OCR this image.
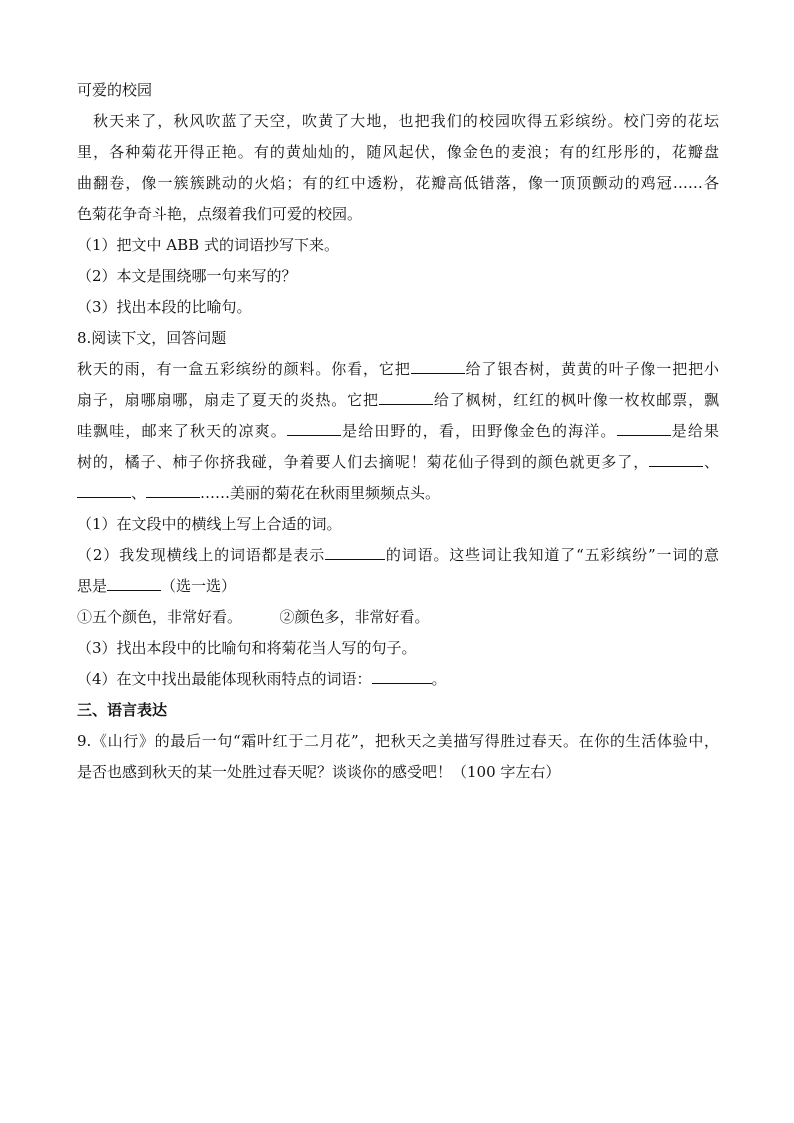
可爱的校园
秋天来了，秋风吹蓝了天空，吹黄了大地，也把我们的校园吹得五彩缤纷。校门旁的花坛
里，各种菊花开得正艳。有的黄灿灿的，随风起伏，像金色的麦浪；有的红彤彤的，花瓣盘
曲翻卷，像一簇簇跳动的火焰；有的红中透粉，花瓣高低错落，像一顶顶颤动的鸡冠……各
色菊花争奇斗艳，点缀着我们可爱的校园。
（1）把文中 ABB 式的词语抄写下来。
（2）本文是围绕哪一句来写的？
（3）找出本段的比喻句。
8.阅读下文，回答问题
秋天的雨，有一盒五彩缤纷的颜料。你看，它把	给了银杏树，黄黄的叶子像一把把小
扇子，扇哪扇哪，扇走了夏天的炎热。它把	给了枫树，红红的枫叶像一枚枚邮票，飘
哇飘哇，邮来了秋天的凉爽。	是给田野的，看，田野像金色的海洋。	是给果
树的，橘子、柿子你挤我碰，争着要人们去摘呢！菊花仙子得到的颜色就更多了，	、
、	……美丽的菊花在秋雨里频频点头。
（1）在文段中的横线上写上合适的词。
（2）我发现横线上的词语都是表示	的词语。这些词让我知道了“五彩缤纷”一词的意
思是	（选一选）
①五个颜色，非常好看。　　　②颜色多，非常好看。
（3）找出本段中的比喻句和将菊花当人写的句子。
（4）在文中找出最能体现秋雨特点的词语：	。
三、语言表达
9.《山行》的最后一句“霜叶红于二月花”，把秋天之美描写得胜过春天。在你的生活体验中，
是否也感到秋天的某一处胜过春天呢？谈谈你的感受吧！（100 字左右）
